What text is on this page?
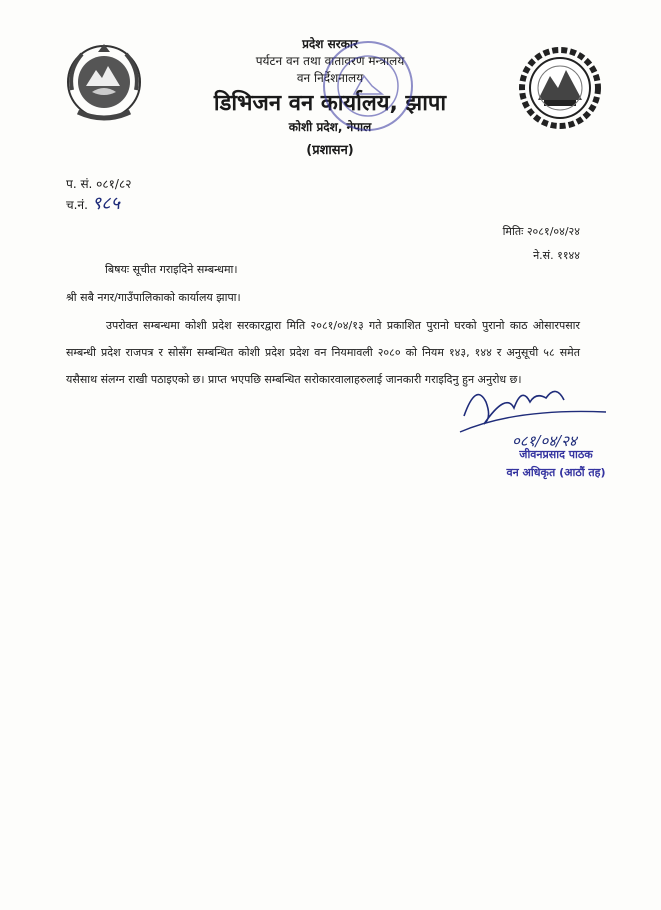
प्रदेश सरकार
पर्यटन वन तथा वातावरण मन्त्रालय
वन निर्देशनालय
डिभिजन वन कार्यालय, झापा
कोशी प्रदेश, नेपाल
(प्रशासन)
प. सं. ०८१/८२
च.नं. ९८५
मितिः २०८१/०४/२४
ने.सं. ११४४
बिषयः सूचीत गराइदिने सम्बन्धमा।
श्री सबै नगर/गाउँपालिकाको कार्यालय झापा।
उपरोक्त सम्बन्धमा कोशी प्रदेश सरकारद्वारा मिति २०८१/०४/१३ गते प्रकाशित पुरानो घरको पुरानो काठ ओसारपसार सम्बन्धी प्रदेश राजपत्र र सोसँग सम्बन्धित कोशी प्रदेश प्रदेश वन नियमावली २०८० को नियम १४३, १४४ र अनुसूची ५८ समेत यसैसाथ संलग्न राखी पठाइएको छ। प्राप्त भएपछि सम्बन्धित सरोकारवालाहरुलाई जानकारी गराइदिनु हुन अनुरोध छ।
०८१/०४/२४
जीवनप्रसाद पाठक
वन अधिकृत (आठौं तह)
